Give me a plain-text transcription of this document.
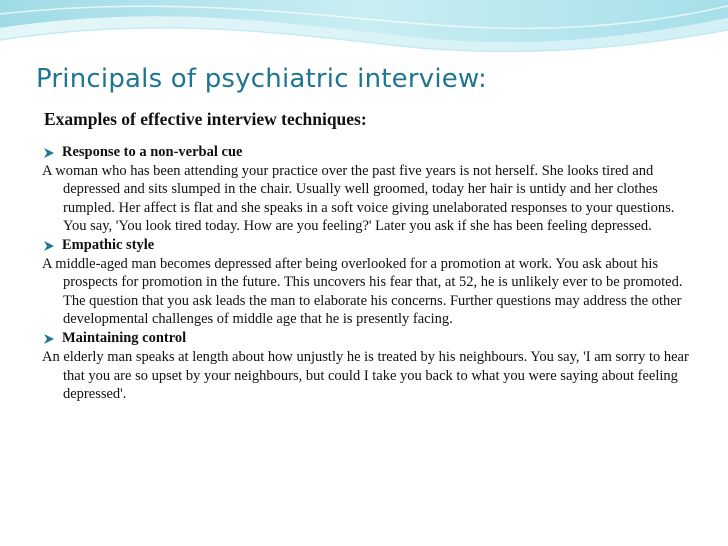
Principals of psychiatric interview:

Examples of effective interview techniques:

Response to a non-verbal cue

A woman who has been attending your practice over the past five years is not herself. She looks tired and depressed and sits slumped in the chair. Usually well groomed, today her hair is untidy and her clothes rumpled. Her affect is flat and she speaks in a soft voice giving unelaborated responses to your questions. You say, 'You look tired today. How are you feeling?' Later you ask if she has been feeling depressed.

Empathic style

A middle-aged man becomes depressed after being overlooked for a promotion at work. You ask about his prospects for promotion in the future. This uncovers his fear that, at 52, he is unlikely ever to be promoted. The question that you ask leads the man to elaborate his concerns. Further questions may address the other developmental challenges of middle age that he is presently facing.

Maintaining control

An elderly man speaks at length about how unjustly he is treated by his neighbours. You say, 'I am sorry to hear that you are so upset by your neighbours, but could I take you back to what you were saying about feeling depressed'.
